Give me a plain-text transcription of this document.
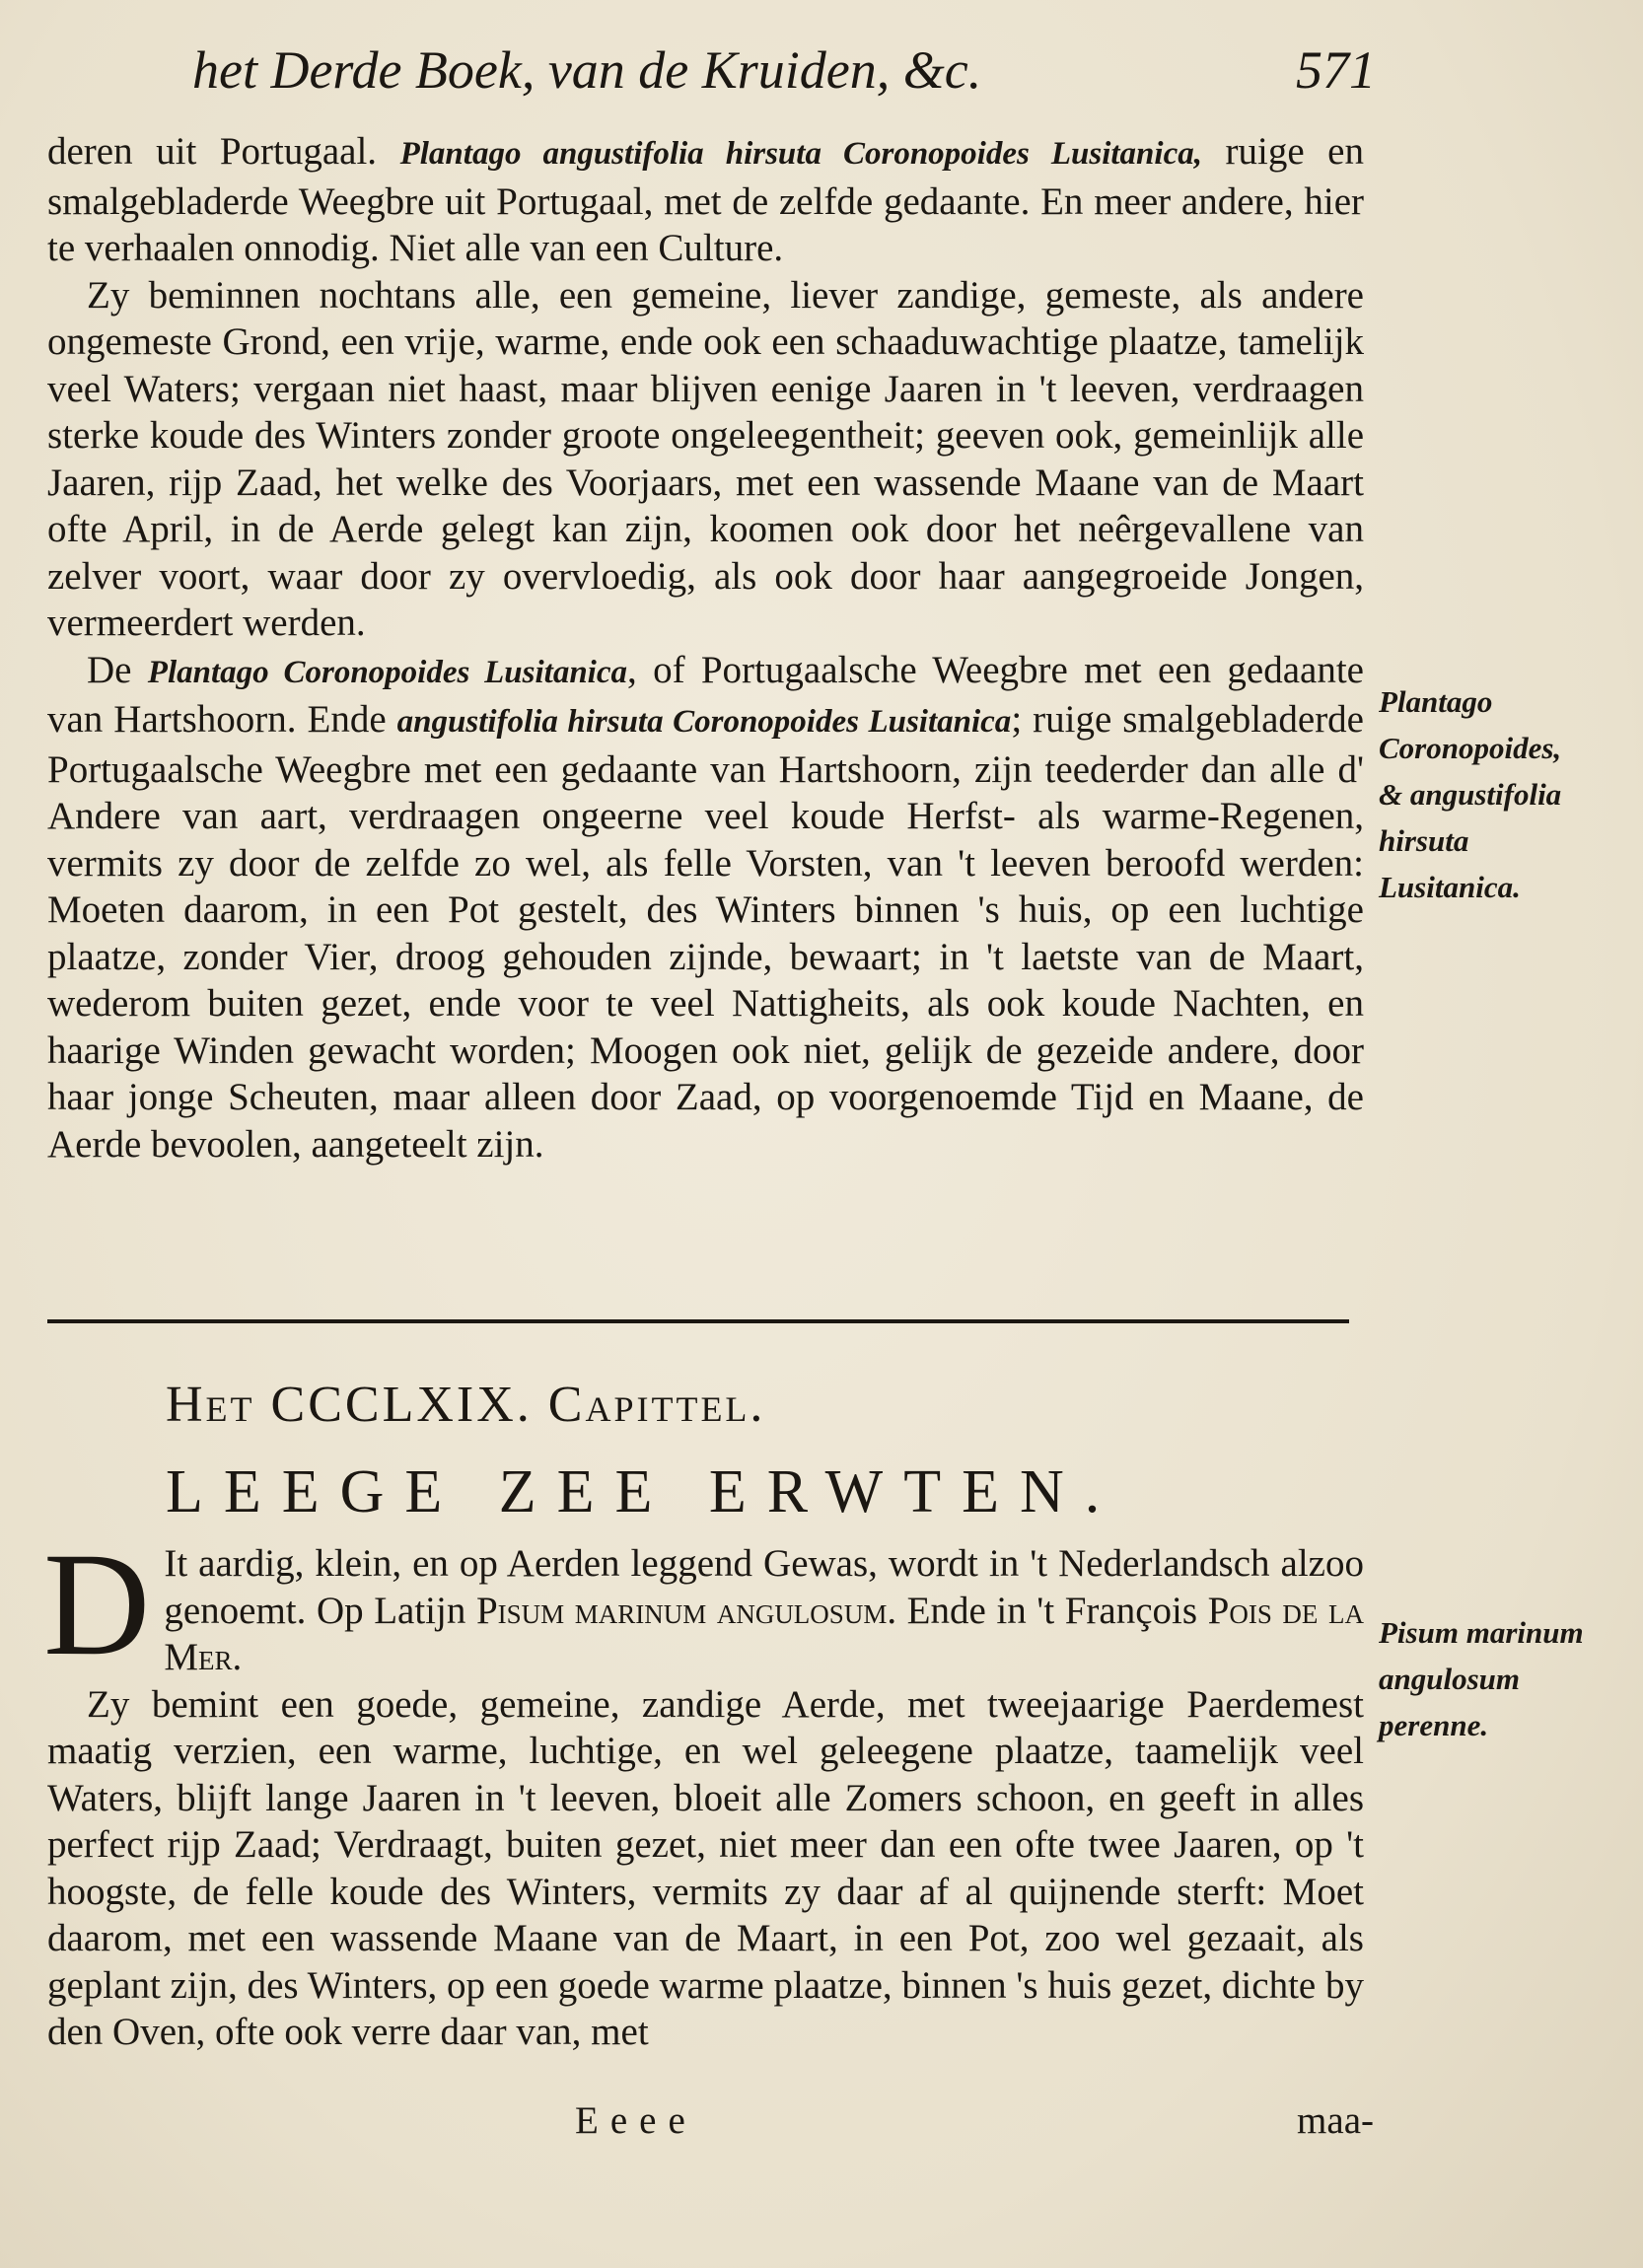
het Derde Boek, van de Kruiden, &c.	571

deren uit Portugaal. Plantago angustifolia hirsuta Coronopoides Lusitanica, ruige en smalgebladerde Weegbre uit Portugaal, met de zelfde gedaante. En meer andere, hier te verhaalen onnodig. Niet alle van een Culture.

Zy beminnen nochtans alle, een gemeine, liever zandige, gemeste, als andere ongemeste Grond, een vrije, warme, ende ook een schaaduwachtige plaatze, tamelijk veel Waters; vergaan niet haast, maar blijven eenige Jaaren in 't leeven, verdraagen sterke koude des Winters zonder groote ongeleegentheit; geeven ook, gemeinlijk alle Jaaren, rijp Zaad, het welke des Voorjaars, met een wassende Maane van de Maart ofte April, in de Aerde gelegt kan zijn, koomen ook door het neêrgevallene van zelver voort, waar door zy overvloedig, als ook door haar aangegroeide Jongen, vermeerdert werden.

De Plantago Coronopoides Lusitanica, of Portugaalsche Weegbre met een gedaante van Hartshoorn. Ende angustifolia hirsuta Coronopoides Lusitanica; ruige smalgebladerde Portugaalsche Weegbre met een gedaante van Hartshoorn, zijn teederder dan alle d' Andere van aart, verdraagen ongeerne veel koude Herfst- als warme-Regenen, vermits zy door de zelfde zo wel, als felle Vorsten, van 't leeven beroofd werden: Moeten daarom, in een Pot gestelt, des Winters binnen 's huis, op een luchtige plaatze, zonder Vier, droog gehouden zijnde, bewaart; in 't laetste van de Maart, wederom buiten gezet, ende voor te veel Nattigheits, als ook koude Nachten, en haarige Winden gewacht worden; Moogen ook niet, gelijk de gezeide andere, door haar jonge Scheuten, maar alleen door Zaad, op voorgenoemde Tijd en Maane, de Aerde bevoolen, aangeteelt zijn.

Plantago Coronopoides, & angustifolia hirsuta Lusitanica.
Het CCCLXIX. Capittel.
LEEGE ZEE ERWTEN.

D It aardig, klein, en op Aerden leggend Gewas, wordt in 't Nederlandsch alzoo genoemt. Op Latijn Pisum marinum angulosum. Ende in 't François Pois de la Mer.

Zy bemint een goede, gemeine, zandige Aerde, met tweejaarige Paerdemest maatig verzien, een warme, luchtige, en wel geleegene plaatze, taamelijk veel Waters, blijft lange Jaaren in 't leeven, bloeit alle Zomers schoon, en geeft in alles perfect rijp Zaad; Verdraagt, buiten gezet, niet meer dan een ofte twee Jaaren, op 't hoogste, de felle koude des Winters, vermits zy daar af al quijnende sterft: Moet daarom, met een wassende Maane van de Maart, in een Pot, zoo wel gezaait, als geplant zijn, des Winters, op een goede warme plaatze, binnen 's huis gezet, dichte by den Oven, ofte ook verre daar van, met

Pisum marinum angulosum perenne.
Eeee	maa-
